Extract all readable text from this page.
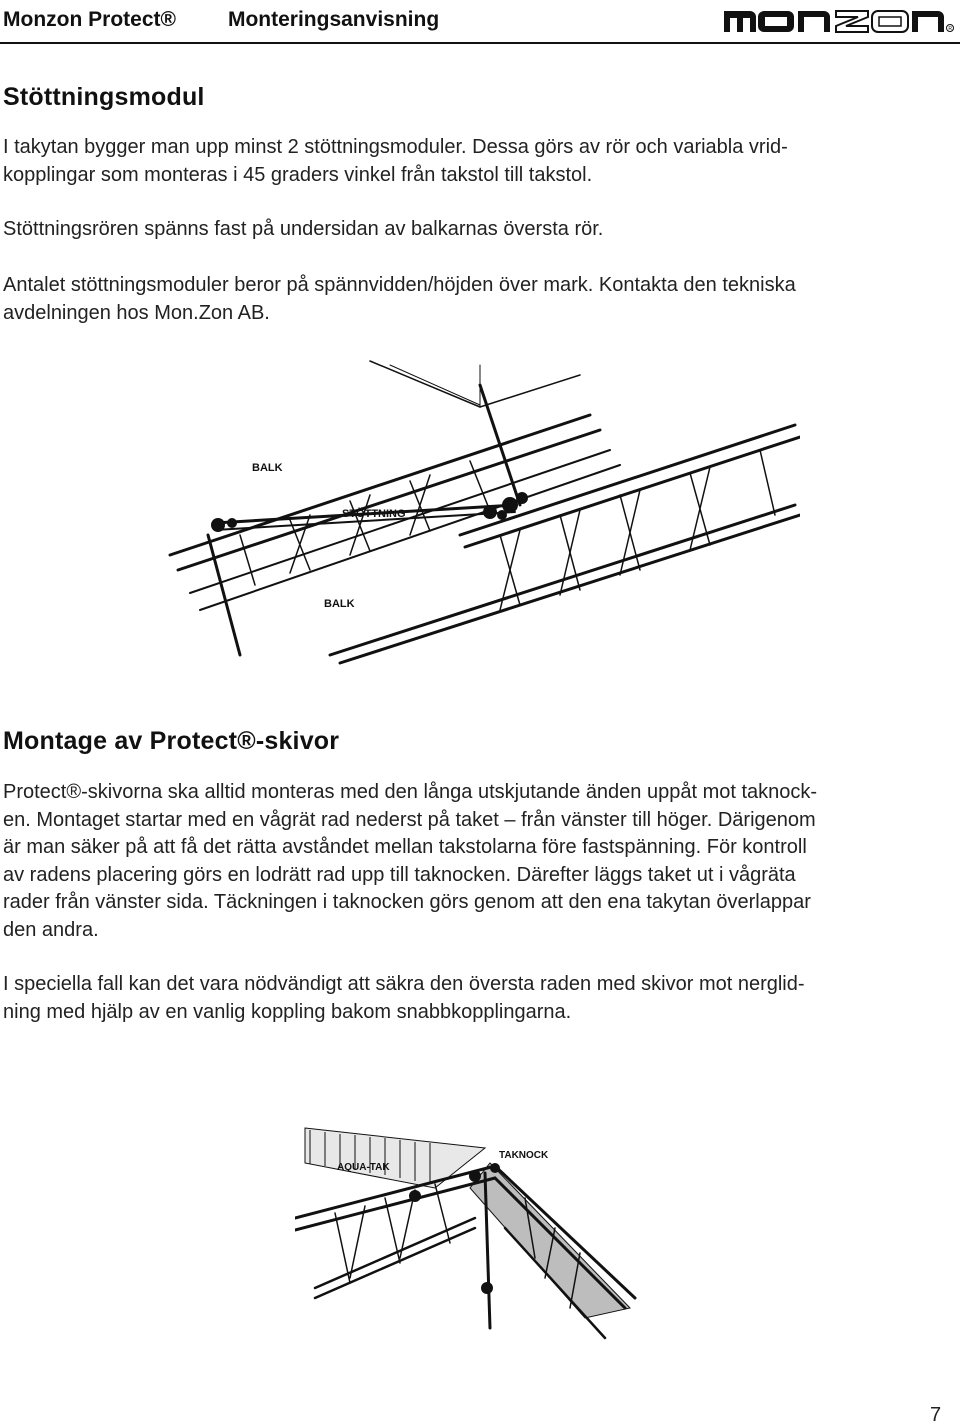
Monzon Protect® Monteringsanvisning	R
Stöttningsmodul

I takytan bygger man upp minst 2 stöttningsmoduler. Dessa görs av rör och variabla vrid-
kopplingar som monteras i 45 graders vinkel från takstol till takstol.

Stöttningsrören spänns fast på undersidan av balkarnas översta rör.

Antalet stöttningsmoduler beror på spännvidden/höjden över mark. Kontakta den tekniska
avdelningen hos Mon.Zon AB.

BALK
STÖTTNING
BALK
Montage av Protect®-skivor

Protect®-skivorna ska alltid monteras med den långa utskjutande änden uppåt mot taknock-
en. Montaget startar med en vågrät rad nederst på taket – från vänster till höger. Därigenom
är man säker på att få det rätta avståndet mellan takstolarna före fastspänning. För kontroll
av radens placering görs en lodrätt rad upp till taknocken. Därefter läggs taket ut i vågräta
rader från vänster sida. Täckningen i taknocken görs genom att den ena takytan överlappar
den andra.

I speciella fall kan det vara nödvändigt att säkra den översta raden med skivor mot nerglid-
ning med hjälp av en vanlig koppling bakom snabbkopplingarna.

AQUA-TAK
TAKNOCK
7
